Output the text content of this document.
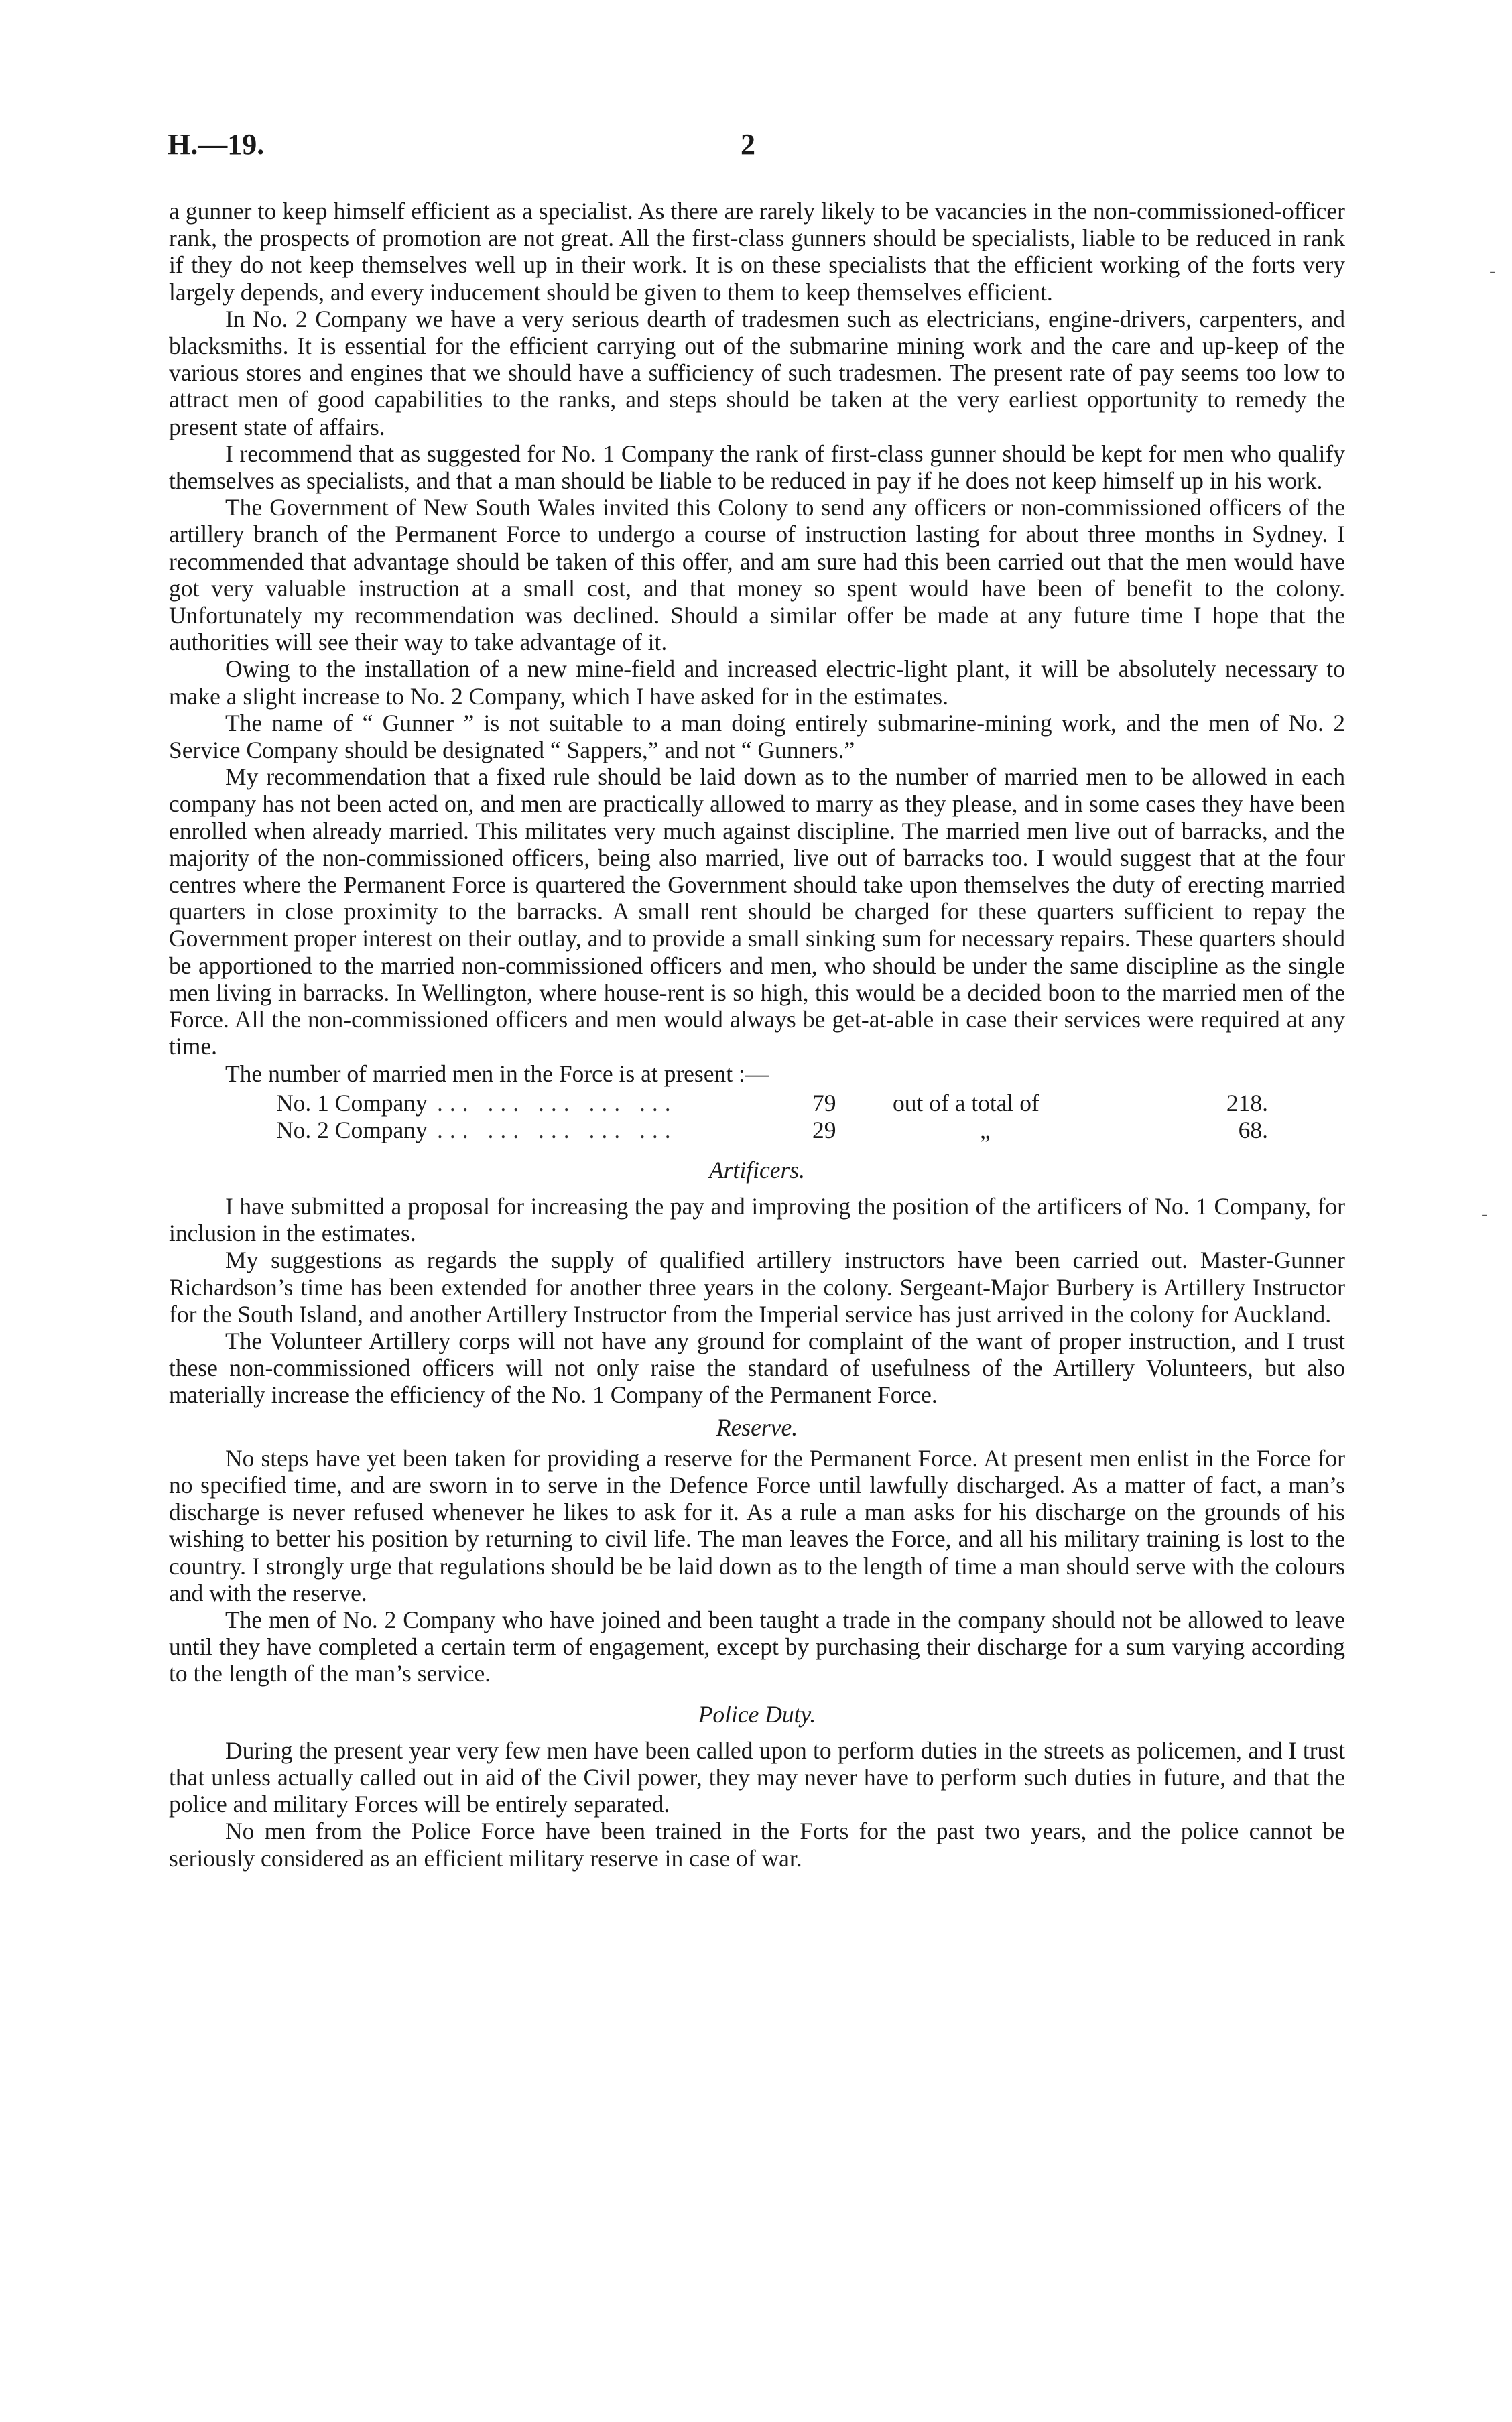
H.—19.	2
-
-

a gunner to keep himself efficient as a specialist. As there are rarely likely to be vacancies in the non-commissioned-officer rank, the prospects of promotion are not great. All the first-class gunners should be specialists, liable to be reduced in rank if they do not keep themselves well up in their work. It is on these specialists that the efficient working of the forts very largely depends, and every inducement should be given to them to keep themselves efficient.

In No. 2 Company we have a very serious dearth of tradesmen such as electricians, engine-drivers, carpenters, and blacksmiths. It is essential for the efficient carrying out of the submarine mining work and the care and up-keep of the various stores and engines that we should have a sufficiency of such tradesmen. The present rate of pay seems too low to attract men of good capabilities to the ranks, and steps should be taken at the very earliest opportunity to remedy the present state of affairs.

I recommend that as suggested for No. 1 Company the rank of first-class gunner should be kept for men who qualify themselves as specialists, and that a man should be liable to be reduced in pay if he does not keep himself up in his work.

The Government of New South Wales invited this Colony to send any officers or non-commissioned officers of the artillery branch of the Permanent Force to undergo a course of instruction lasting for about three months in Sydney. I recommended that advantage should be taken of this offer, and am sure had this been carried out that the men would have got very valuable instruction at a small cost, and that money so spent would have been of benefit to the colony. Unfortunately my recommendation was declined. Should a similar offer be made at any future time I hope that the authorities will see their way to take advantage of it.

Owing to the installation of a new mine-field and increased electric-light plant, it will be absolutely necessary to make a slight increase to No. 2 Company, which I have asked for in the estimates.

The name of “ Gunner ” is not suitable to a man doing entirely submarine-mining work, and the men of No. 2 Service Company should be designated “ Sappers,” and not “ Gunners.”

My recommendation that a fixed rule should be laid down as to the number of married men to be allowed in each company has not been acted on, and men are practically allowed to marry as they please, and in some cases they have been enrolled when already married. This militates very much against discipline. The married men live out of barracks, and the majority of the non-commissioned officers, being also married, live out of barracks too. I would suggest that at the four centres where the Permanent Force is quartered the Government should take upon themselves the duty of erecting married quarters in close proximity to the barracks. A small rent should be charged for these quarters sufficient to repay the Government proper interest on their outlay, and to provide a small sinking sum for necessary repairs. These quarters should be apportioned to the married non-commissioned officers and men, who should be under the same discipline as the single men living in barracks. In Wellington, where house-rent is so high, this would be a decided boon to the married men of the Force. All the non-commissioned officers and men would always be get-at-able in case their services were required at any time.

The number of married men in the Force is at present :—

No. 1 Company ... ... ... ... ...	79	out of a total of	218.
No. 2 Company ... ... ... ... ...	29	„	68.
Artificers.

I have submitted a proposal for increasing the pay and improving the position of the artificers of No. 1 Company, for inclusion in the estimates.

My suggestions as regards the supply of qualified artillery instructors have been carried out. Master-Gunner Richardson’s time has been extended for another three years in the colony. Sergeant-Major Burbery is Artillery Instructor for the South Island, and another Artillery Instructor from the Imperial service has just arrived in the colony for Auckland.

The Volunteer Artillery corps will not have any ground for complaint of the want of proper instruction, and I trust these non-commissioned officers will not only raise the standard of usefulness of the Artillery Volunteers, but also materially increase the efficiency of the No. 1 Company of the Permanent Force.

Reserve.

No steps have yet been taken for providing a reserve for the Permanent Force. At present men enlist in the Force for no specified time, and are sworn in to serve in the Defence Force until lawfully discharged. As a matter of fact, a man’s discharge is never refused whenever he likes to ask for it. As a rule a man asks for his discharge on the grounds of his wishing to better his position by returning to civil life. The man leaves the Force, and all his military training is lost to the country. I strongly urge that regulations should be be laid down as to the length of time a man should serve with the colours and with the reserve.

The men of No. 2 Company who have joined and been taught a trade in the company should not be allowed to leave until they have completed a certain term of engagement, except by purchasing their discharge for a sum varying according to the length of the man’s service.

Police Duty.

During the present year very few men have been called upon to perform duties in the streets as policemen, and I trust that unless actually called out in aid of the Civil power, they may never have to perform such duties in future, and that the police and military Forces will be entirely separated.

No men from the Police Force have been trained in the Forts for the past two years, and the police cannot be seriously considered as an efficient military reserve in case of war.
